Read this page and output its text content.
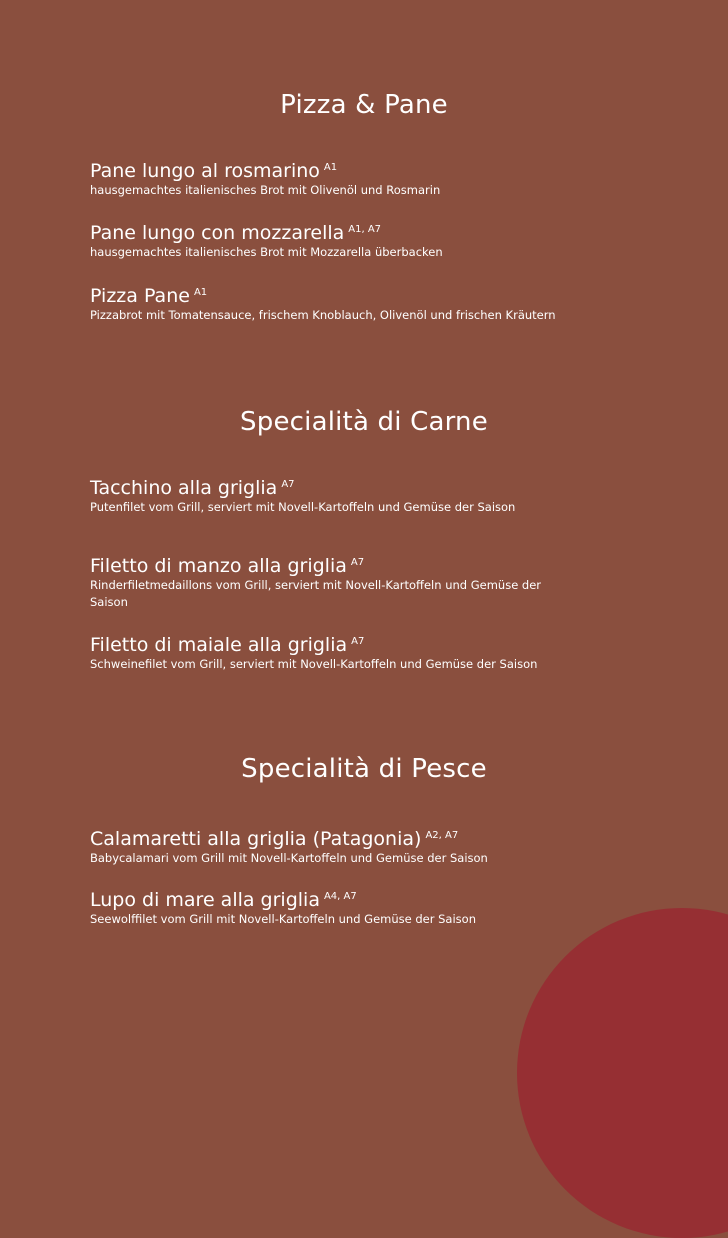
Pizza & Pane
Pane lungo al rosmarino $^{A1}$
hausgemachtes italienisches Brot mit Olivenöl und Rosmarin
Pane lungo con mozzarella $^{A1, A7}$
hausgemachtes italienisches Brot mit Mozzarella überbacken
Pizza Pane $^{A1}$
Pizzabrot mit Tomatensauce, frischem Knoblauch, Olivenöl und frischen Kräutern
Specialità di Carne
Tacchino alla griglia $^{A7}$
Putenfilet vom Grill, serviert mit Novell-Kartoffeln und Gemüse der Saison
Filetto di manzo alla griglia $^{A7}$
Rinderfiletmedaillons vom Grill, serviert mit Novell-Kartoffeln und Gemüse der Saison
Filetto di maiale alla griglia $^{A7}$
Schweinefilet vom Grill, serviert mit Novell-Kartoffeln und Gemüse der Saison
Specialità di Pesce
Calamaretti alla griglia (Patagonia) $^{A2, A7}$
Babycalamari vom Grill mit Novell-Kartoffeln und Gemüse der Saison
Lupo di mare alla griglia $^{A4, A7}$
Seewolffilet vom Grill mit Novell-Kartoffeln und Gemüse der Saison
